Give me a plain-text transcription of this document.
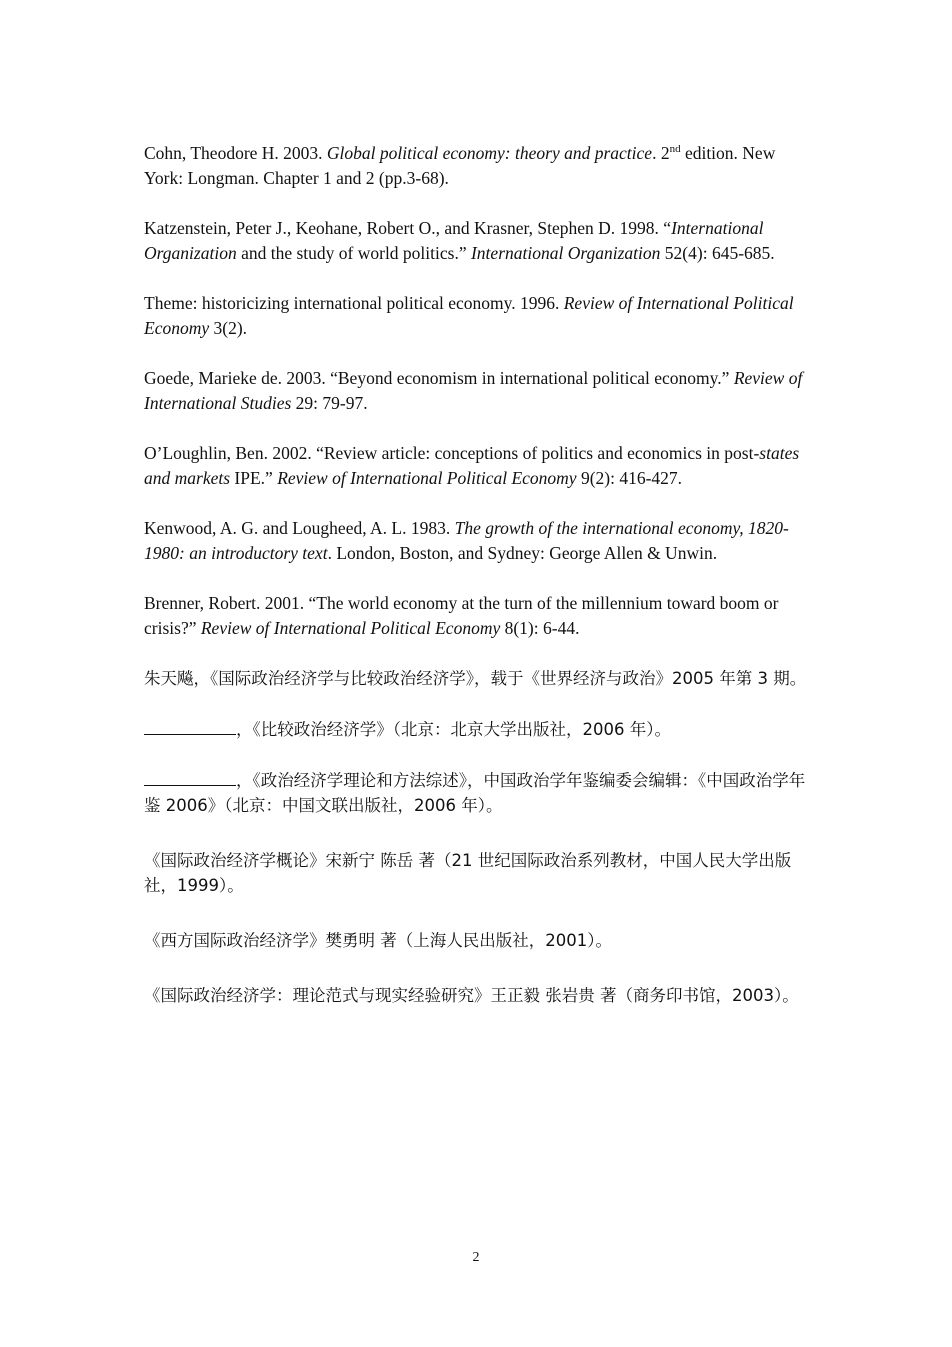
Cohn, Theodore H. 2003. Global political economy: theory and practice. 2nd edition. New York: Longman. Chapter 1 and 2 (pp.3-68).

Katzenstein, Peter J., Keohane, Robert O., and Krasner, Stephen D. 1998. “International Organization and the study of world politics.” International Organization 52(4): 645-685.

Theme: historicizing international political economy. 1996. Review of International Political Economy 3(2).

Goede, Marieke de. 2003. “Beyond economism in international political economy.” Review of International Studies 29: 79-97.

O’Loughlin, Ben. 2002. “Review article: conceptions of politics and economics in post-states and markets IPE.” Review of International Political Economy 9(2): 416-427.

Kenwood, A. G. and Lougheed, A. L. 1983. The growth of the international economy, 1820-1980: an introductory text. London, Boston, and Sydney: George Allen & Unwin.

Brenner, Robert. 2001. “The world economy at the turn of the millennium toward boom or crisis?” Review of International Political Economy 8(1): 6-44.

朱天飚，《国际政治经济学与比较政治经济学》，载于《世界经济与政治》2005 年第 3 期。

，《比较政治经济学》（北京：北京大学出版社，2006 年）。

，《政治经济学理论和方法综述》，中国政治学年鉴编委会编辑：《中国政治学年鉴 2006》（北京：中国文联出版社，2006 年）。

《国际政治经济学概论》宋新宁 陈岳 著（21 世纪国际政治系列教材，中国人民大学出版社，1999）。

《西方国际政治经济学》樊勇明 著（上海人民出版社，2001）。

《国际政治经济学：理论范式与现实经验研究》王正毅 张岩贵 著（商务印书馆，2003）。

2
